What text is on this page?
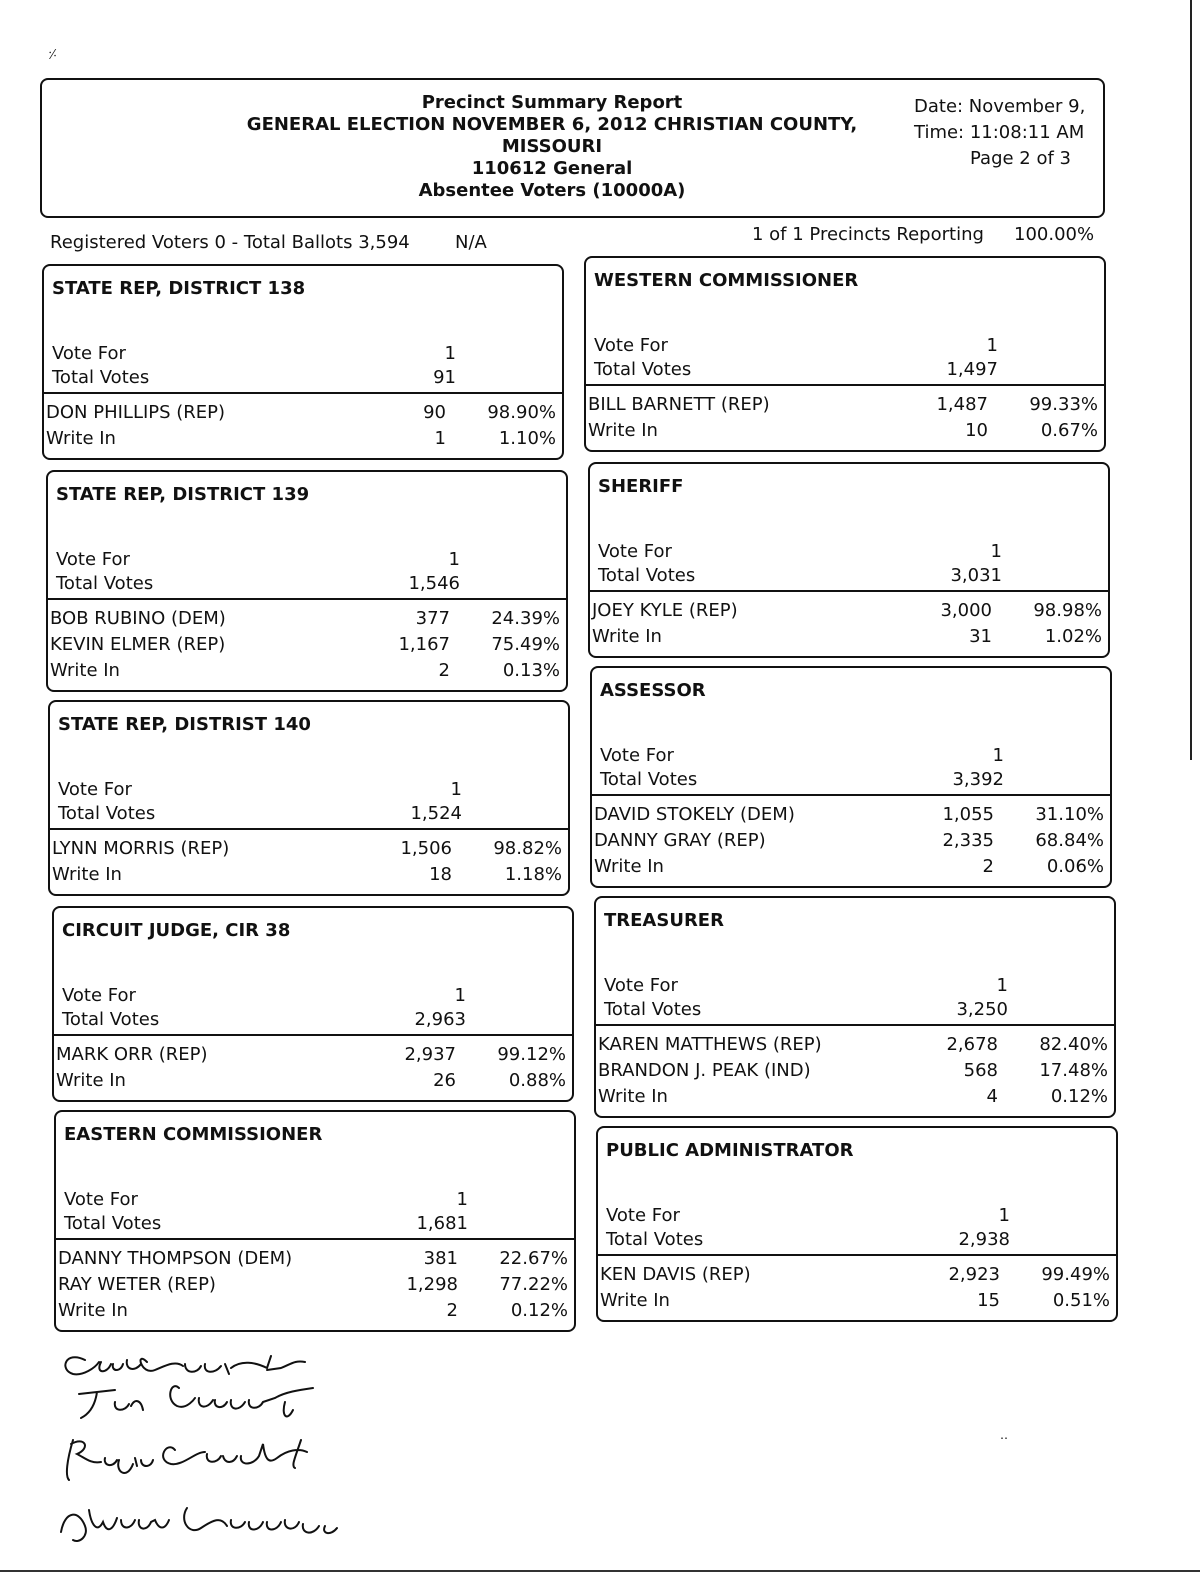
⸓
‥
Precinct Summary Report
GENERAL ELECTION NOVEMBER 6, 2012 CHRISTIAN COUNTY,
MISSOURI
110612 General
Absentee Voters (10000A)
Date: November 9,
Time: 11:08:11 AM
Page 2 of 3
Registered Voters 0 - Total Ballots 3,594	N/A	1 of 1 Precincts Reporting 100.00%
STATE REP, DISTRICT 138
Vote For	1
Total Votes	91
DON PHILLIPS (REP)	90	98.90%
Write In	1	1.10%
STATE REP, DISTRICT 139
Vote For	1
Total Votes	1,546
BOB RUBINO (DEM)	377	24.39%
KEVIN ELMER (REP)	1,167	75.49%
Write In	2	0.13%
STATE REP, DISTRIST 140
Vote For	1
Total Votes	1,524
LYNN MORRIS (REP)	1,506	98.82%
Write In	18	1.18%
CIRCUIT JUDGE, CIR 38
Vote For	1
Total Votes	2,963
MARK ORR (REP)	2,937	99.12%
Write In	26	0.88%
EASTERN COMMISSIONER
Vote For	1
Total Votes	1,681
DANNY THOMPSON (DEM)	381	22.67%
RAY WETER (REP)	1,298	77.22%
Write In	2	0.12%
WESTERN COMMISSIONER
Vote For	1
Total Votes	1,497
BILL BARNETT (REP)	1,487	99.33%
Write In	10	0.67%
SHERIFF
Vote For	1
Total Votes	3,031
JOEY KYLE (REP)	3,000	98.98%
Write In	31	1.02%
ASSESSOR
Vote For	1
Total Votes	3,392
DAVID STOKELY (DEM)	1,055	31.10%
DANNY GRAY (REP)	2,335	68.84%
Write In	2	0.06%
TREASURER
Vote For	1
Total Votes	3,250
KAREN MATTHEWS (REP)	2,678	82.40%
BRANDON J. PEAK (IND)	568	17.48%
Write In	4	0.12%
PUBLIC ADMINISTRATOR
Vote For	1
Total Votes	2,938
KEN DAVIS (REP)	2,923	99.49%
Write In	15	0.51%
